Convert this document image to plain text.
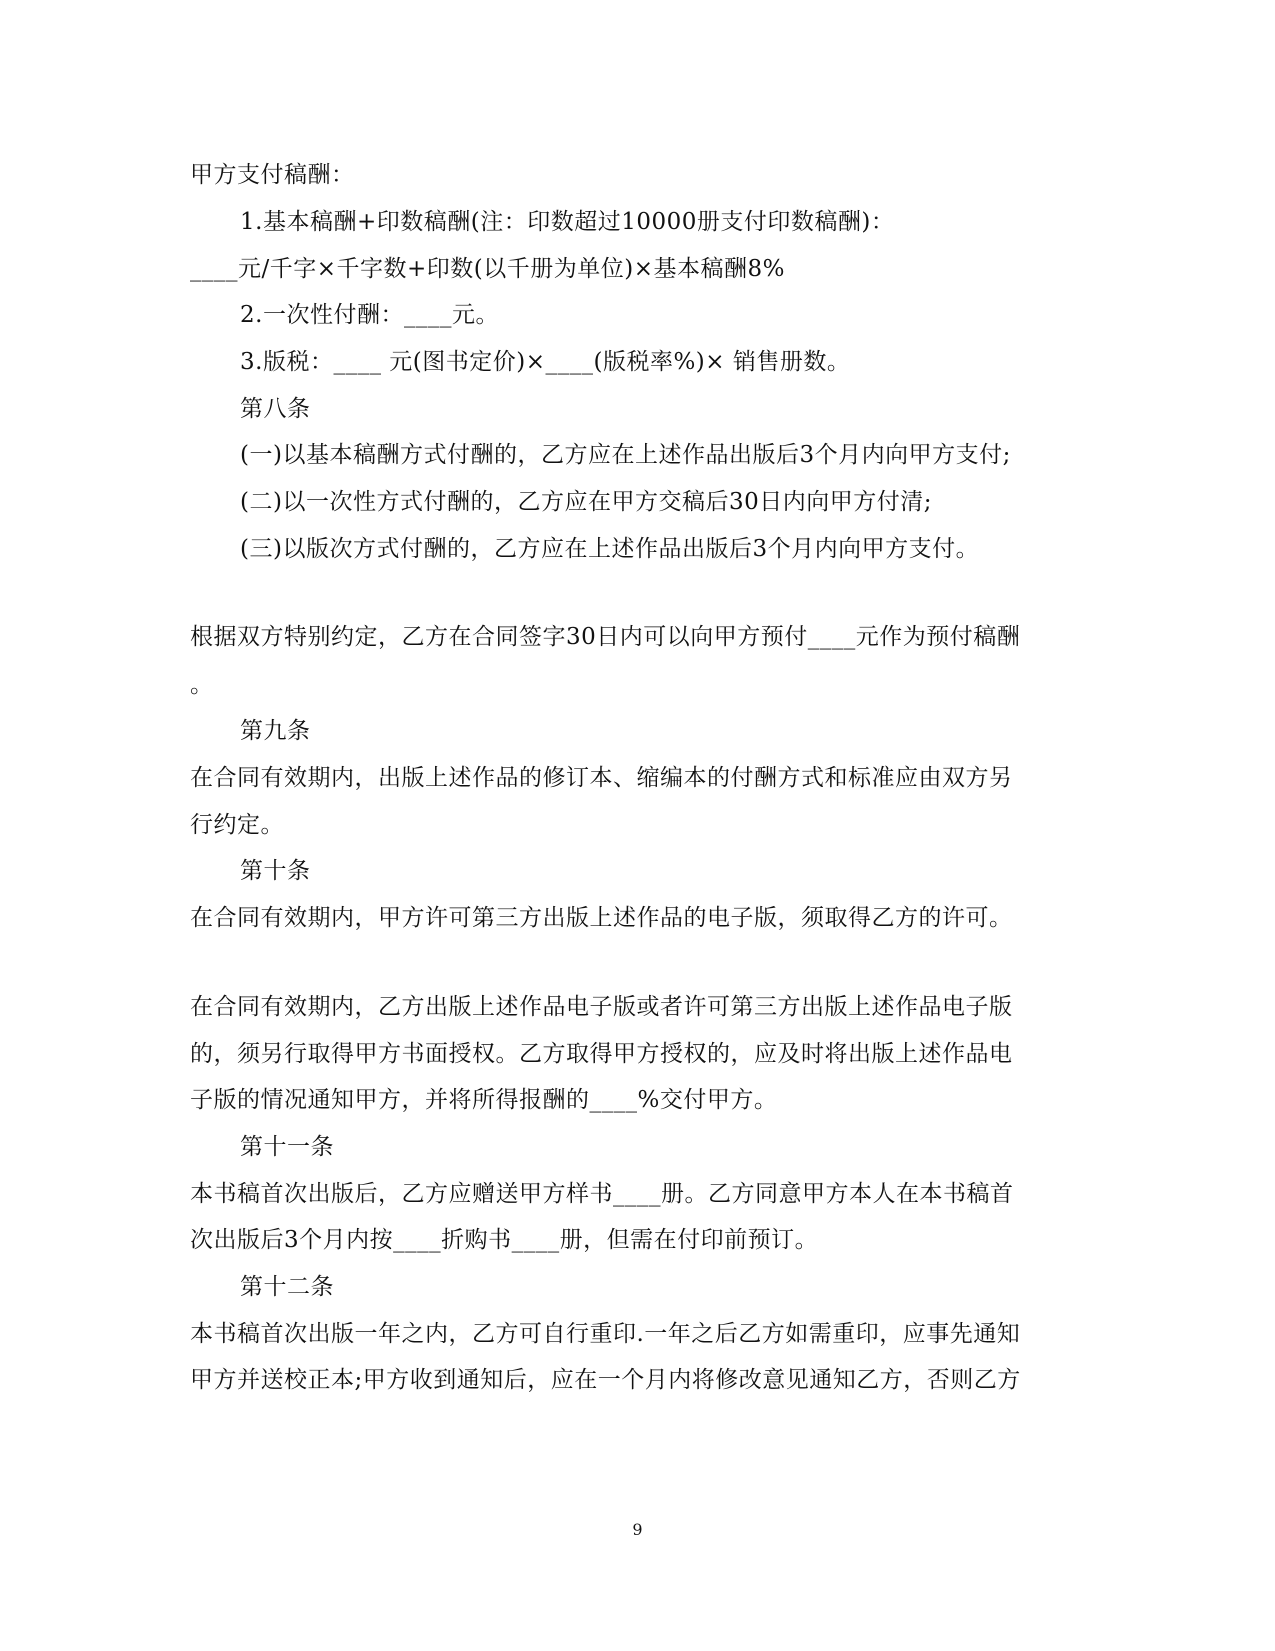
甲方支付稿酬：
1.基本稿酬+印数稿酬(注：印数超过10000册支付印数稿酬)：
____元/千字×千字数+印数(以千册为单位)×基本稿酬8%
2.一次性付酬：____元。
3.版税：____ 元(图书定价)×____(版税率%)× 销售册数。
第八条
(一)以基本稿酬方式付酬的，乙方应在上述作品出版后3个月内向甲方支付;
(二)以一次性方式付酬的，乙方应在甲方交稿后30日内向甲方付清;
(三)以版次方式付酬的，乙方应在上述作品出版后3个月内向甲方支付。
根据双方特别约定，乙方在合同签字30日内可以向甲方预付____元作为预付稿酬
。
第九条
在合同有效期内，出版上述作品的修订本、缩编本的付酬方式和标准应由双方另
行约定。
第十条
在合同有效期内，甲方许可第三方出版上述作品的电子版，须取得乙方的许可。
在合同有效期内，乙方出版上述作品电子版或者许可第三方出版上述作品电子版
的，须另行取得甲方书面授权。乙方取得甲方授权的，应及时将出版上述作品电
子版的情况通知甲方，并将所得报酬的____%交付甲方。
第十一条
本书稿首次出版后，乙方应赠送甲方样书____册。乙方同意甲方本人在本书稿首
次出版后3个月内按____折购书____册，但需在付印前预订。
第十二条
本书稿首次出版一年之内，乙方可自行重印.一年之后乙方如需重印，应事先通知
甲方并送校正本;甲方收到通知后，应在一个月内将修改意见通知乙方，否则乙方
9
